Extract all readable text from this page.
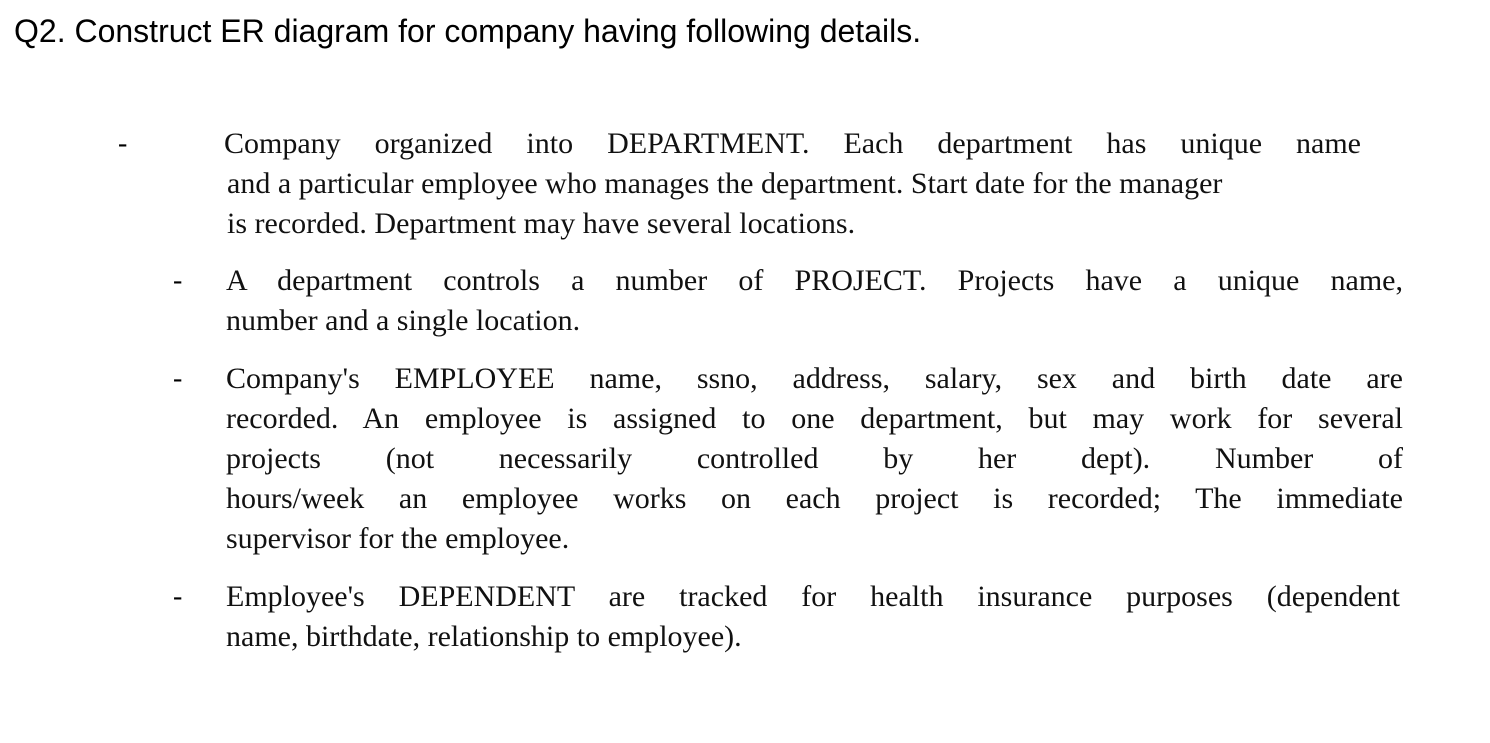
Q2. Construct ER diagram for company having following details.
-	Company organized into DEPARTMENT. Each department has unique name
and a particular employee who manages the department. Start date for the manager
is recorded. Department may have several locations.

- A department controls a number of PROJECT. Projects have a unique name,
number and a single location.

- Company's EMPLOYEE name, ssno, address, salary, sex and birth date are
recorded. An employee is assigned to one department, but may work for several
projects (not necessarily controlled by her dept). Number of
hours/week an employee works on each project is recorded; The immediate
supervisor for the employee.

- Employee's DEPENDENT are tracked for health insurance purposes (dependent
name, birthdate, relationship to employee).
